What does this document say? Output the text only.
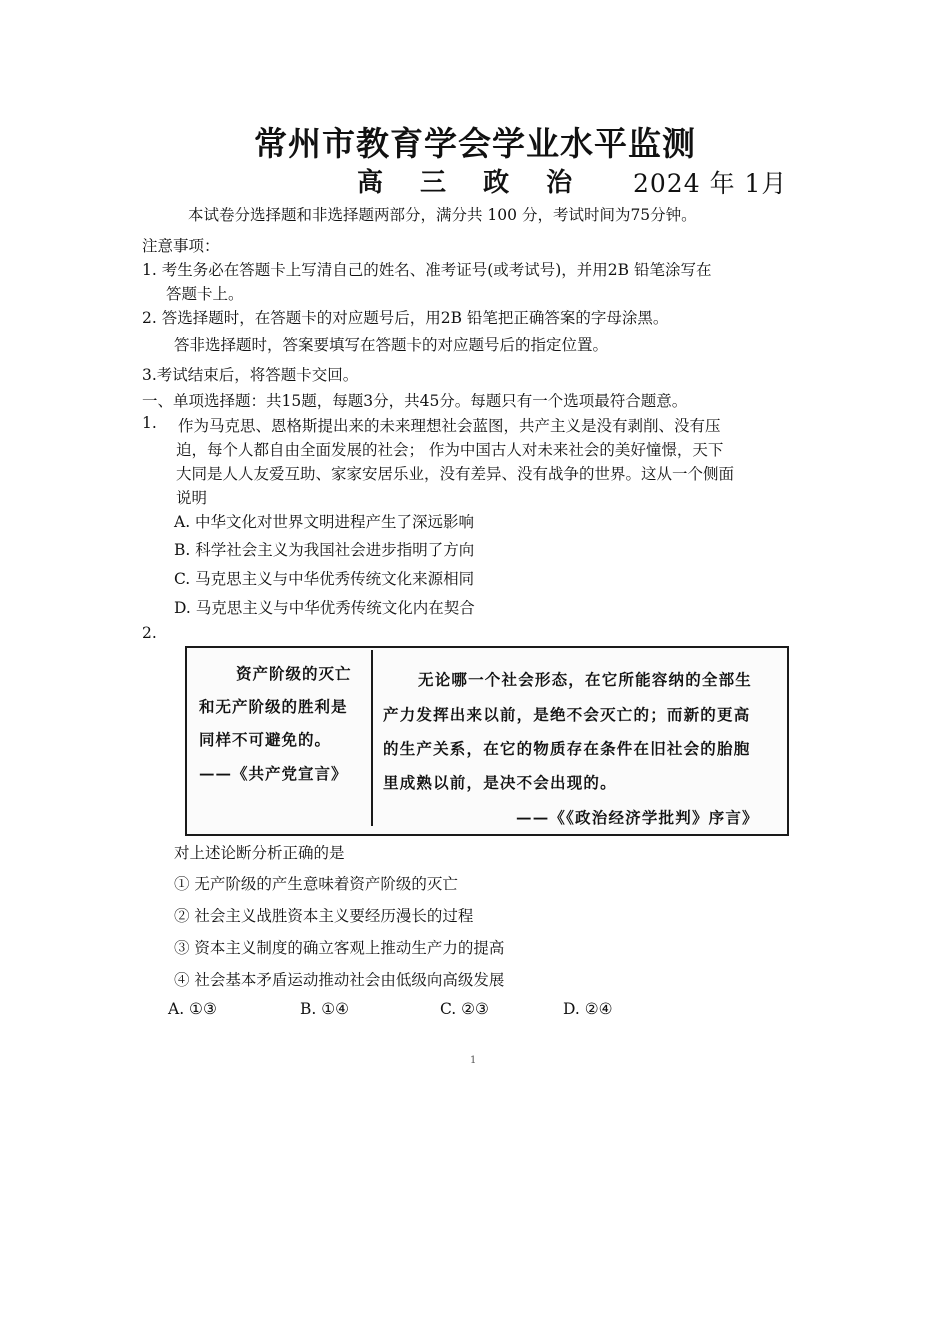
常州市教育学会学业水平监测
高 三 政 治 2024 年 1月
本试卷分选择题和非选择题两部分，满分共 100 分，考试时间为75分钟。
注意事项：
1. 考生务必在答题卡上写清自己的姓名、准考证号(或考试号)，并用2B 铅笔涂写在
答题卡上。
2. 答选择题时，在答题卡的对应题号后，用2B 铅笔把正确答案的字母涂黑。
答非选择题时，答案要填写在答题卡的对应题号后的指定位置。
3.考试结束后，将答题卡交回。
一、单项选择题：共15题，每题3分，共45分。每题只有一个选项最符合题意。
1. 作为马克思、恩格斯提出来的未来理想社会蓝图，共产主义是没有剥削、没有压
迫，每个人都自由全面发展的社会； 作为中国古人对未来社会的美好憧憬，天下
大同是人人友爱互助、家家安居乐业，没有差异、没有战争的世界。这从一个侧面
说明
A. 中华文化对世界文明进程产生了深远影响
B. 科学社会主义为我国社会进步指明了方向
C. 马克思主义与中华优秀传统文化来源相同
D. 马克思主义与中华优秀传统文化内在契合
2.
资产阶级的灭亡
和无产阶级的胜利是
同样不可避免的。
——《共产党宣言》
无论哪一个社会形态，在它所能容纳的全部生
产力发挥出来以前，是绝不会灭亡的；而新的更高
的生产关系，在它的物质存在条件在旧社会的胎胞
里成熟以前，是决不会出现的。
——《《政治经济学批判》序言》
对上述论断分析正确的是
① 无产阶级的产生意味着资产阶级的灭亡
② 社会主义战胜资本主义要经历漫长的过程
③ 资本主义制度的确立客观上推动生产力的提高
④ 社会基本矛盾运动推动社会由低级向高级发展
A. ①③	B. ①④	C. ②③	D. ②④
1
